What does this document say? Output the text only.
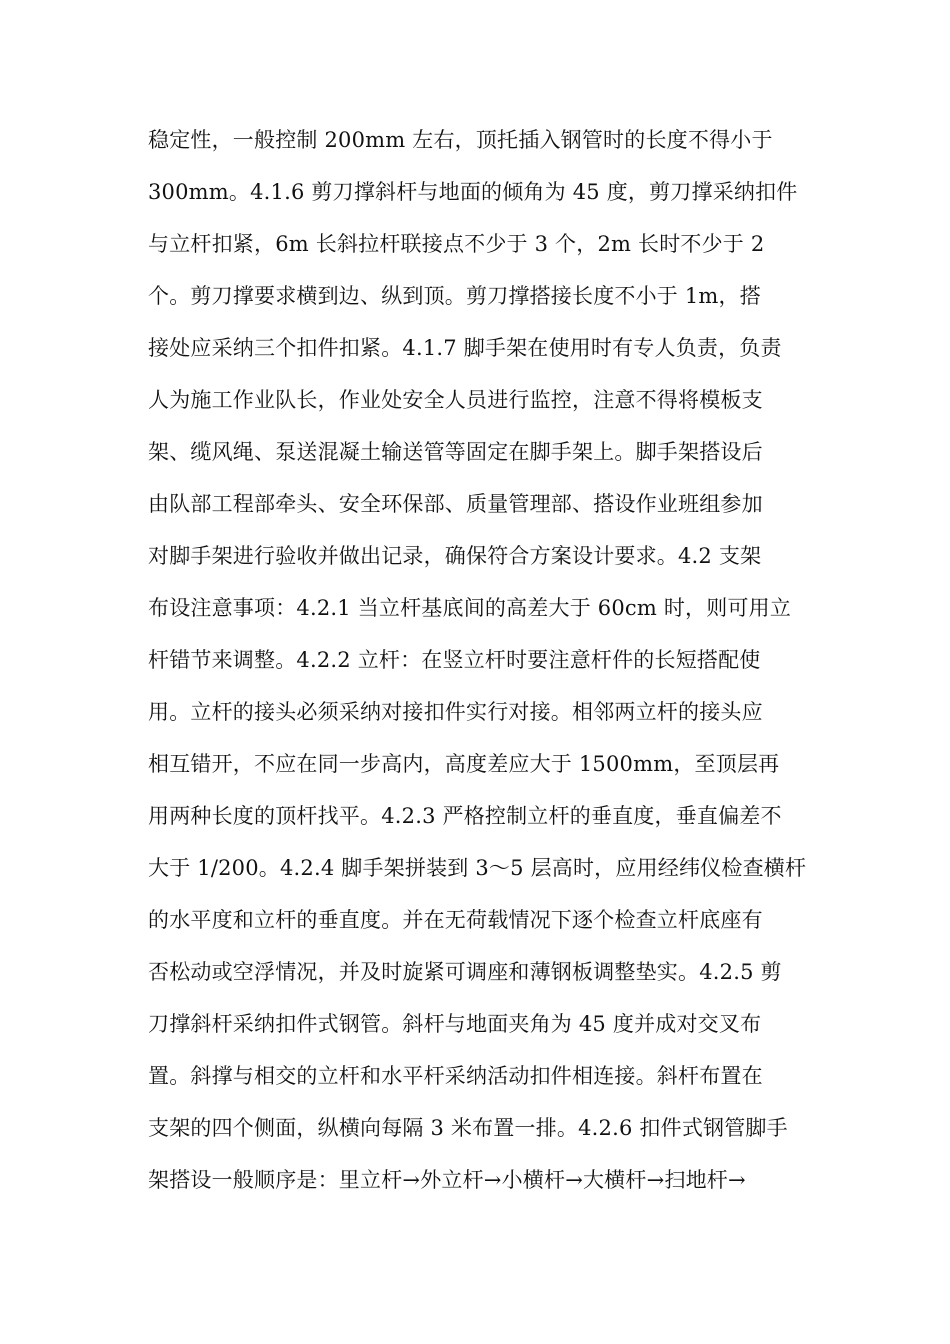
稳定性，一般控制 200mm 左右，顶托插入钢管时的长度不得小于
300mm。4.1.6 剪刀撑斜杆与地面的倾角为 45 度，剪刀撑采纳扣件
与立杆扣紧，6m 长斜拉杆联接点不少于 3 个，2m 长时不少于 2
个。剪刀撑要求横到边、纵到顶。剪刀撑搭接长度不小于 1m，搭
接处应采纳三个扣件扣紧。4.1.7 脚手架在使用时有专人负责，负责
人为施工作业队长，作业处安全人员进行监控，注意不得将模板支
架、缆风绳、泵送混凝土输送管等固定在脚手架上。脚手架搭设后
由队部工程部牵头、安全环保部、质量管理部、搭设作业班组参加
对脚手架进行验收并做出记录，确保符合方案设计要求。4.2 支架
布设注意事项：4.2.1 当立杆基底间的高差大于 60cm 时，则可用立
杆错节来调整。4.2.2 立杆：在竖立杆时要注意杆件的长短搭配使
用。立杆的接头必须采纳对接扣件实行对接。相邻两立杆的接头应
相互错开，不应在同一步高内，高度差应大于 1500mm，至顶层再
用两种长度的顶杆找平。4.2.3 严格控制立杆的垂直度，垂直偏差不
大于 1/200。4.2.4 脚手架拼装到 3～5 层高时，应用经纬仪检查横杆
的水平度和立杆的垂直度。并在无荷载情况下逐个检查立杆底座有
否松动或空浮情况，并及时旋紧可调座和薄钢板调整垫实。4.2.5 剪
刀撑斜杆采纳扣件式钢管。斜杆与地面夹角为 45 度并成对交叉布
置。斜撑与相交的立杆和水平杆采纳活动扣件相连接。斜杆布置在
支架的四个侧面，纵横向每隔 3 米布置一排。4.2.6 扣件式钢管脚手
架搭设一般顺序是：里立杆→外立杆→小横杆→大横杆→扫地杆→
